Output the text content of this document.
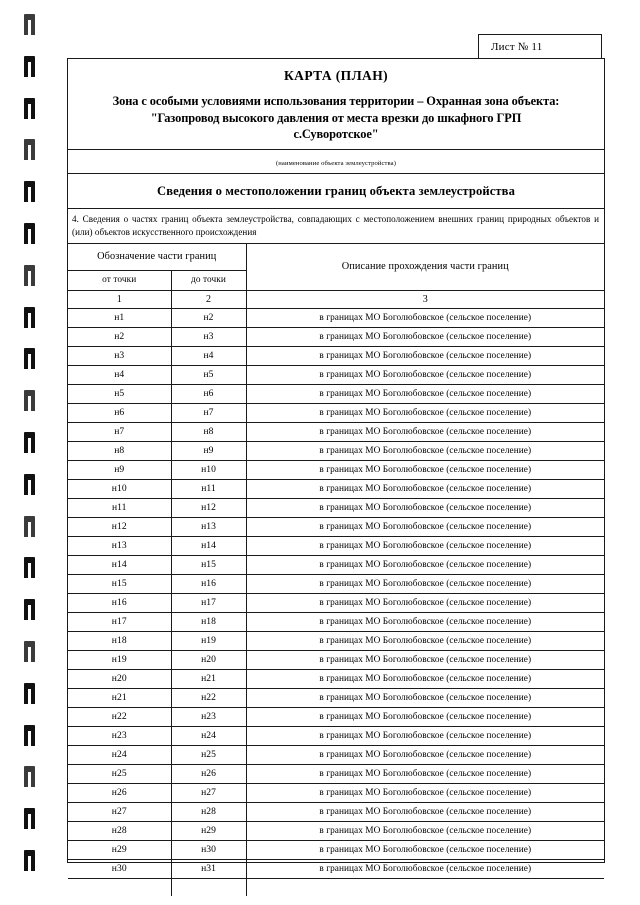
Лист № 11
КАРТА (ПЛАН)
Зона с особыми условиями использования территории – Охранная зона объекта:
"Газопровод высокого давления от места врезки до шкафного ГРП
с.Суворотское"
(наименование объекта землеустройства)
Сведения о местоположении границ объекта землеустройства
4. Сведения о частях границ объекта землеустройства, совпадающих с местоположением внешних границ природных объектов и (или) объектов искусственного происхождения
Обозначение части границ		Описание прохождения части границ
от точки	до точки	
1	2	3
н1	н2	в границах МО Боголюбовское (сельское поселение)
н2	н3	в границах МО Боголюбовское (сельское поселение)
н3	н4	в границах МО Боголюбовское (сельское поселение)
н4	н5	в границах МО Боголюбовское (сельское поселение)
н5	н6	в границах МО Боголюбовское (сельское поселение)
н6	н7	в границах МО Боголюбовское (сельское поселение)
н7	н8	в границах МО Боголюбовское (сельское поселение)
н8	н9	в границах МО Боголюбовское (сельское поселение)
н9	н10	в границах МО Боголюбовское (сельское поселение)
н10	н11	в границах МО Боголюбовское (сельское поселение)
н11	н12	в границах МО Боголюбовское (сельское поселение)
н12	н13	в границах МО Боголюбовское (сельское поселение)
н13	н14	в границах МО Боголюбовское (сельское поселение)
н14	н15	в границах МО Боголюбовское (сельское поселение)
н15	н16	в границах МО Боголюбовское (сельское поселение)
н16	н17	в границах МО Боголюбовское (сельское поселение)
н17	н18	в границах МО Боголюбовское (сельское поселение)
н18	н19	в границах МО Боголюбовское (сельское поселение)
н19	н20	в границах МО Боголюбовское (сельское поселение)
н20	н21	в границах МО Боголюбовское (сельское поселение)
н21	н22	в границах МО Боголюбовское (сельское поселение)
н22	н23	в границах МО Боголюбовское (сельское поселение)
н23	н24	в границах МО Боголюбовское (сельское поселение)
н24	н25	в границах МО Боголюбовское (сельское поселение)
н25	н26	в границах МО Боголюбовское (сельское поселение)
н26	н27	в границах МО Боголюбовское (сельское поселение)
н27	н28	в границах МО Боголюбовское (сельское поселение)
н28	н29	в границах МО Боголюбовское (сельское поселение)
н29	н30	в границах МО Боголюбовское (сельское поселение)
н30	н31	в границах МО Боголюбовское (сельское поселение)
